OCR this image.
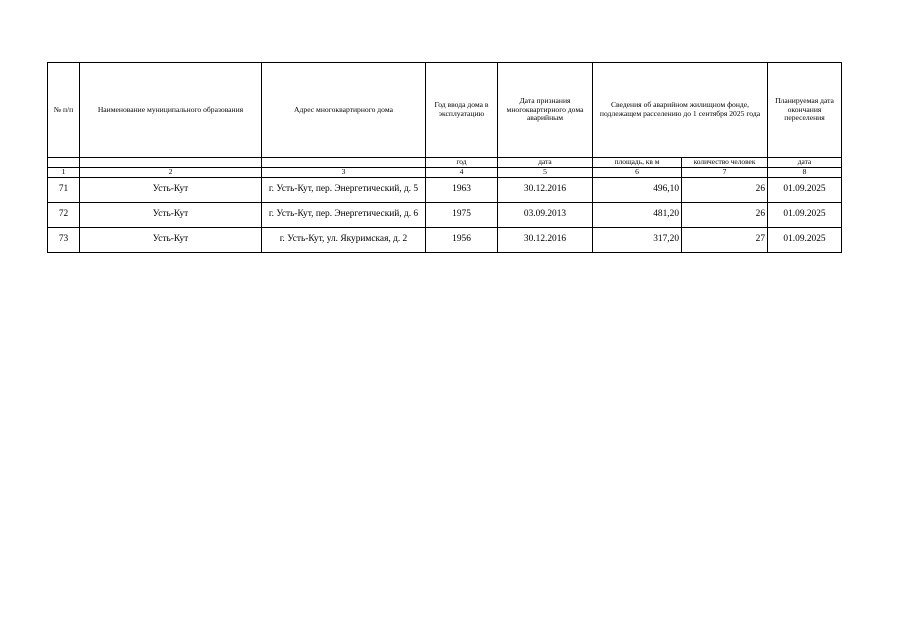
№ п/п	Наименование муниципального образования	Адрес многоквартирного дома	Год ввода дома в эксплуатацию	Дата признания многоквартирного дома аварийным	Сведения об аварийном жилищном фонде, подлежащем расселению до 1 сентября 2025 года		Планируемая дата окончания переселения
			год	дата	площадь, кв м	количество человек	дата
1	2	3	4	5	6	7	8
71	Усть-Кут	г. Усть-Кут, пер. Энергетический, д. 5	1963	30.12.2016	496,10	26	01.09.2025
72	Усть-Кут	г. Усть-Кут, пер. Энергетический, д. 6	1975	03.09.2013	481,20	26	01.09.2025
73	Усть-Кут	г. Усть-Кут, ул. Якуримская, д. 2	1956	30.12.2016	317,20	27	01.09.2025
